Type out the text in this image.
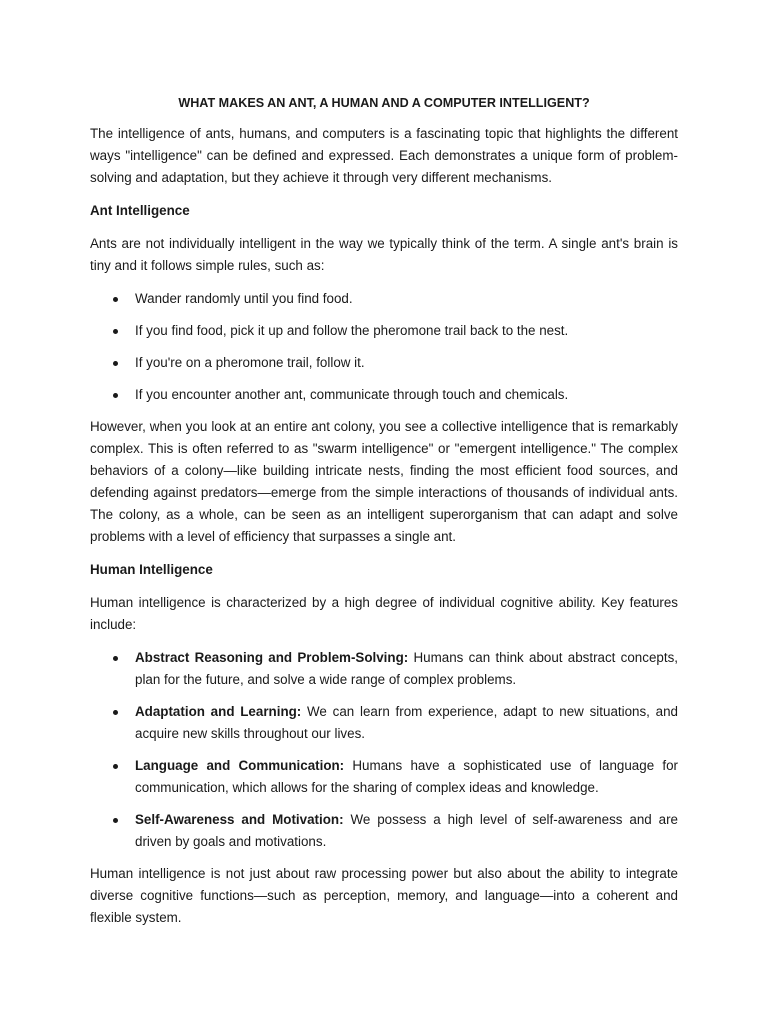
WHAT MAKES AN ANT, A HUMAN AND A COMPUTER INTELLIGENT?

The intelligence of ants, humans, and computers is a fascinating topic that highlights the different ways "intelligence" can be defined and expressed. Each demonstrates a unique form of problem-solving and adaptation, but they achieve it through very different mechanisms.

Ant Intelligence

Ants are not individually intelligent in the way we typically think of the term. A single ant's brain is tiny and it follows simple rules, such as:

Wander randomly until you find food.
If you find food, pick it up and follow the pheromone trail back to the nest.
If you're on a pheromone trail, follow it.
If you encounter another ant, communicate through touch and chemicals.

However, when you look at an entire ant colony, you see a collective intelligence that is remarkably complex. This is often referred to as "swarm intelligence" or "emergent intelligence." The complex behaviors of a colony—like building intricate nests, finding the most efficient food sources, and defending against predators—emerge from the simple interactions of thousands of individual ants. The colony, as a whole, can be seen as an intelligent superorganism that can adapt and solve problems with a level of efficiency that surpasses a single ant.

Human Intelligence

Human intelligence is characterized by a high degree of individual cognitive ability. Key features include:

Abstract Reasoning and Problem-Solving: Humans can think about abstract concepts, plan for the future, and solve a wide range of complex problems.
Adaptation and Learning: We can learn from experience, adapt to new situations, and acquire new skills throughout our lives.
Language and Communication: Humans have a sophisticated use of language for communication, which allows for the sharing of complex ideas and knowledge.
Self-Awareness and Motivation: We possess a high level of self-awareness and are driven by goals and motivations.

Human intelligence is not just about raw processing power but also about the ability to integrate diverse cognitive functions—such as perception, memory, and language—into a coherent and flexible system.
